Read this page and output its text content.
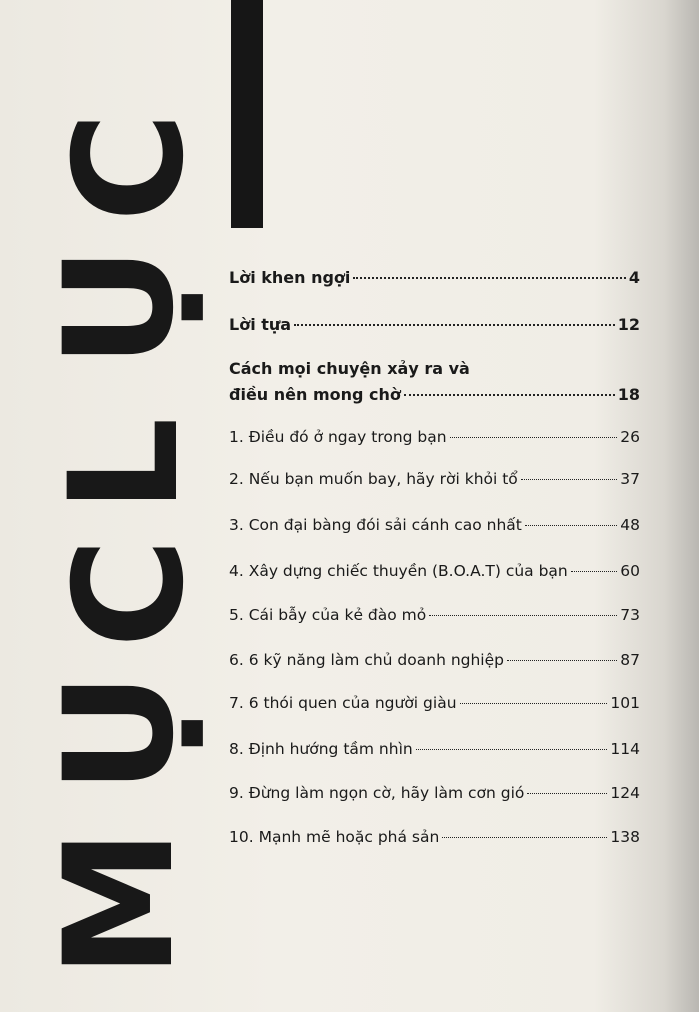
C
Ụ
L
C
Ụ
M
Lời khen ngợi	4
Lời tựa	12
Cách mọi chuyện xảy ra và
điều nên mong chờ	18
1. Điều đó ở ngay trong bạn	26
2. Nếu bạn muốn bay, hãy rời khỏi tổ	37
3. Con đại bàng đói sải cánh cao nhất	48
4. Xây dựng chiếc thuyền (B.O.A.T) của bạn	60
5. Cái bẫy của kẻ đào mỏ	73
6. 6 kỹ năng làm chủ doanh nghiệp	87
7. 6 thói quen của người giàu	101
8. Định hướng tầm nhìn	114
9. Đừng làm ngọn cờ, hãy làm cơn gió	124
10. Mạnh mẽ hoặc phá sản	138
